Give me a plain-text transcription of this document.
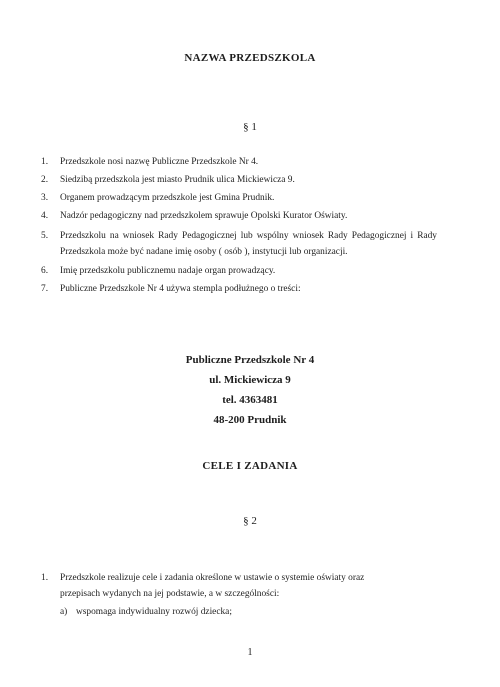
NAZWA PRZEDSZKOLA

§ 1

1.	Przedszkole nosi nazwę Publiczne Przedszkole Nr 4.
2.	Siedzibą przedszkola jest miasto Prudnik ulica Mickiewicza 9.
3.	Organem prowadzącym przedszkole jest Gmina Prudnik.
4.	Nadzór pedagogiczny nad przedszkolem sprawuje Opolski Kurator Oświaty.
5.	Przedszkolu na wniosek Rady Pedagogicznej lub wspólny wniosek Rady Pedagogicznej i Rady Przedszkola może być nadane imię osoby ( osób ), instytucji lub organizacji.
6.	Imię przedszkolu publicznemu nadaje organ prowadzący.
7.	Publiczne Przedszkole Nr 4 używa stempla podłużnego o treści:
Publiczne Przedszkole Nr 4
ul. Mickiewicza 9
tel. 4363481
48-200 Prudnik
CELE I ZADANIA

§ 2

1.	Przedszkole realizuje cele i zadania określone w ustawie o systemie oświaty oraz przepisach wydanych na jej podstawie, a w szczególności:
a) wspomaga indywidualny rozwój dziecka;
1
